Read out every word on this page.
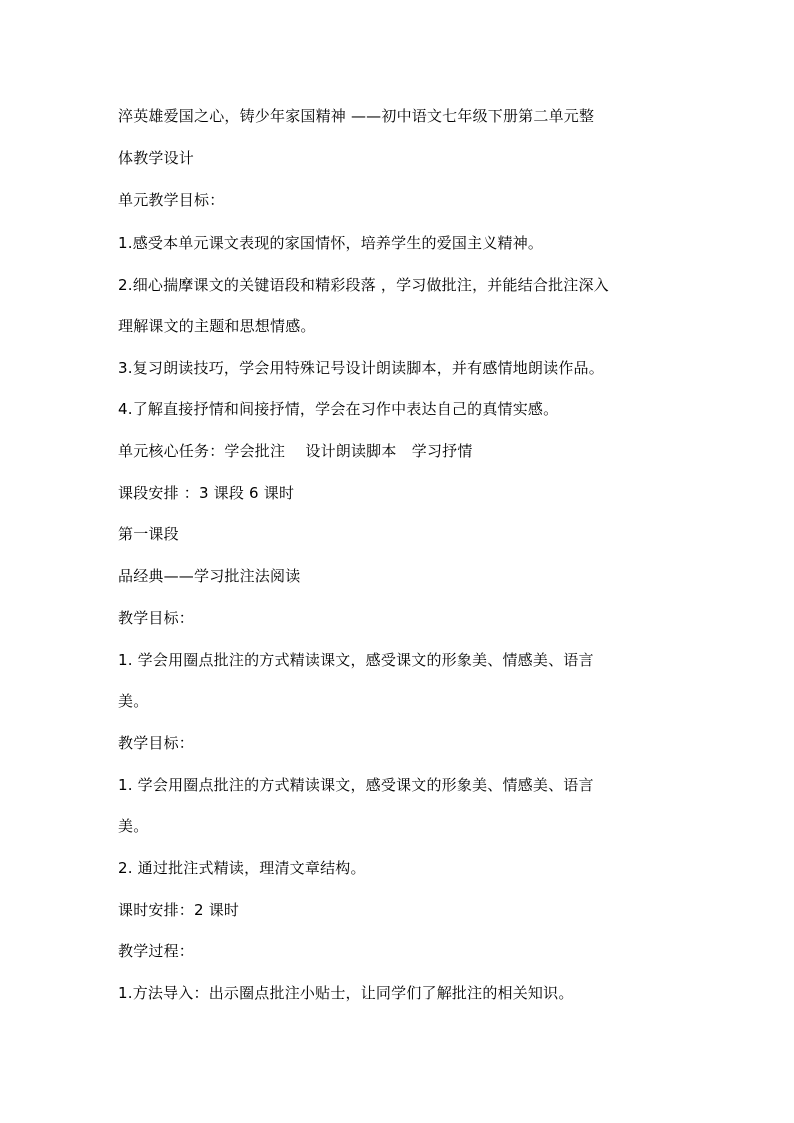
淬英雄爱国之心，铸少年家国精神 ——初中语文七年级下册第二单元整

体教学设计

单元教学目标：

1.感受本单元课文表现的家国情怀，培养学生的爱国主义精神。

2.细心揣摩课文的关键语段和精彩段落 ，学习做批注，并能结合批注深入

理解课文的主题和思想情感。

3.复习朗读技巧，学会用特殊记号设计朗读脚本，并有感情地朗读作品。

4.了解直接抒情和间接抒情，学会在习作中表达自己的真情实感。

单元核心任务：学会批注　 设计朗读脚本　学习抒情

课段安排 ：3 课段 6 课时

第一课段

品经典——学习批注法阅读

教学目标：

1. 学会用圈点批注的方式精读课文，感受课文的形象美、情感美、语言

美。

教学目标：

1. 学会用圈点批注的方式精读课文，感受课文的形象美、情感美、语言

美。

2. 通过批注式精读，理清文章结构。

课时安排：2 课时

教学过程：

1.方法导入：出示圈点批注小贴士，让同学们了解批注的相关知识。
